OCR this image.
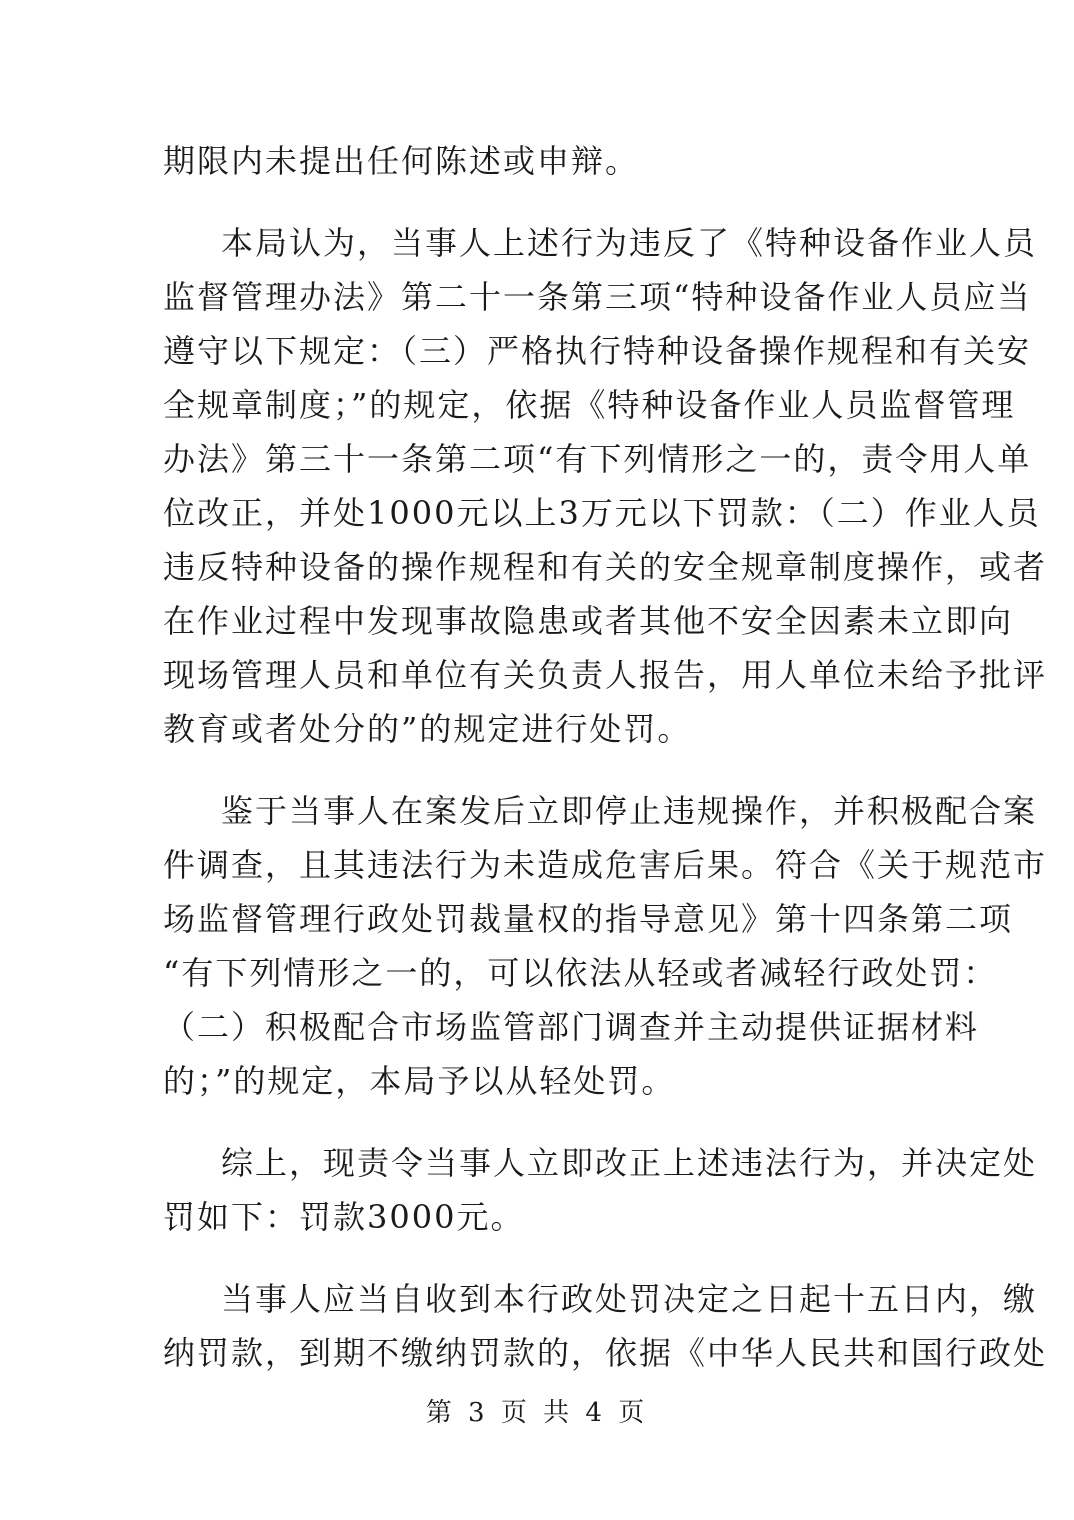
期限内未提出任何陈述或申辩。

本局认为，当事人上述行为违反了《特种设备作业人员
监督管理办法》第二十一条第三项“特种设备作业人员应当
遵守以下规定：（三）严格执行特种设备操作规程和有关安
全规章制度；”的规定，依据《特种设备作业人员监督管理
办法》第三十一条第二项“有下列情形之一的，责令用人单
位改正，并处1000元以上3万元以下罚款：（二）作业人员
违反特种设备的操作规程和有关的安全规章制度操作，或者
在作业过程中发现事故隐患或者其他不安全因素未立即向
现场管理人员和单位有关负责人报告，用人单位未给予批评
教育或者处分的”的规定进行处罚。

鉴于当事人在案发后立即停止违规操作，并积极配合案
件调查，且其违法行为未造成危害后果。符合《关于规范市
场监督管理行政处罚裁量权的指导意见》第十四条第二项
“有下列情形之一的，可以依法从轻或者减轻行政处罚：
（二）积极配合市场监管部门调查并主动提供证据材料
的；”的规定，本局予以从轻处罚。

综上，现责令当事人立即改正上述违法行为，并决定处
罚如下：罚款3000元。

当事人应当自收到本行政处罚决定之日起十五日内，缴
纳罚款，到期不缴纳罚款的，依据《中华人民共和国行政处

第 3 页 共 4 页
